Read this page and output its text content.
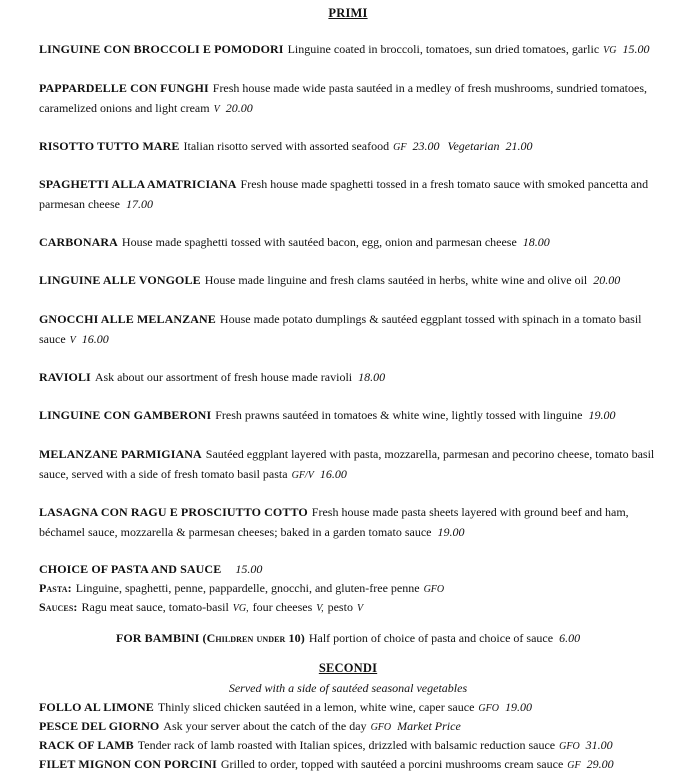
PRIMI
LINGUINE CON BROCCOLI E POMODORI Linguine coated in broccoli, tomatoes, sun dried tomatoes, garlic VG 15.00
PAPPARDELLE CON FUNGHI Fresh house made wide pasta sautéed in a medley of fresh mushrooms, sundried tomatoes, caramelized onions and light cream V 20.00
RISOTTO TUTTO MARE Italian risotto served with assorted seafood GF 23.00 Vegetarian 21.00
SPAGHETTI ALLA AMATRICIANA Fresh house made spaghetti tossed in a fresh tomato sauce with smoked pancetta and parmesan cheese 17.00
CARBONARA House made spaghetti tossed with sautéed bacon, egg, onion and parmesan cheese 18.00
LINGUINE ALLE VONGOLE House made linguine and fresh clams sautéed in herbs, white wine and olive oil 20.00
GNOCCHI ALLE MELANZANE House made potato dumplings & sautéed eggplant tossed with spinach in a tomato basil sauce V 16.00
RAVIOLI Ask about our assortment of fresh house made ravioli 18.00
LINGUINE CON GAMBERONI Fresh prawns sautéed in tomatoes & white wine, lightly tossed with linguine 19.00
MELANZANE PARMIGIANA Sautéed eggplant layered with pasta, mozzarella, parmesan and pecorino cheese, tomato basil sauce, served with a side of fresh tomato basil pasta GF/V 16.00
LASAGNA CON RAGU E PROSCIUTTO COTTO Fresh house made pasta sheets layered with ground beef and ham, béchamel sauce, mozzarella & parmesan cheeses; baked in a garden tomato sauce 19.00
CHOICE OF PASTA AND SAUCE 15.00
Pasta: Linguine, spaghetti, penne, pappardelle, gnocchi, and gluten-free penne GFO
Sauces: Ragu meat sauce, tomato-basil VG, four cheeses V, pesto V
FOR BAMBINI (Children under 10) Half portion of choice of pasta and choice of sauce 6.00
SECONDI
Served with a side of sautéed seasonal vegetables
FOLLO AL LIMONE Thinly sliced chicken sautéed in a lemon, white wine, caper sauce GFO 19.00
PESCE DEL GIORNO Ask your server about the catch of the day GFO Market Price
RACK OF LAMB Tender rack of lamb roasted with Italian spices, drizzled with balsamic reduction sauce GFO 31.00
FILET MIGNON CON PORCINI Grilled to order, topped with sautéed a porcini mushrooms cream sauce GF 29.00
